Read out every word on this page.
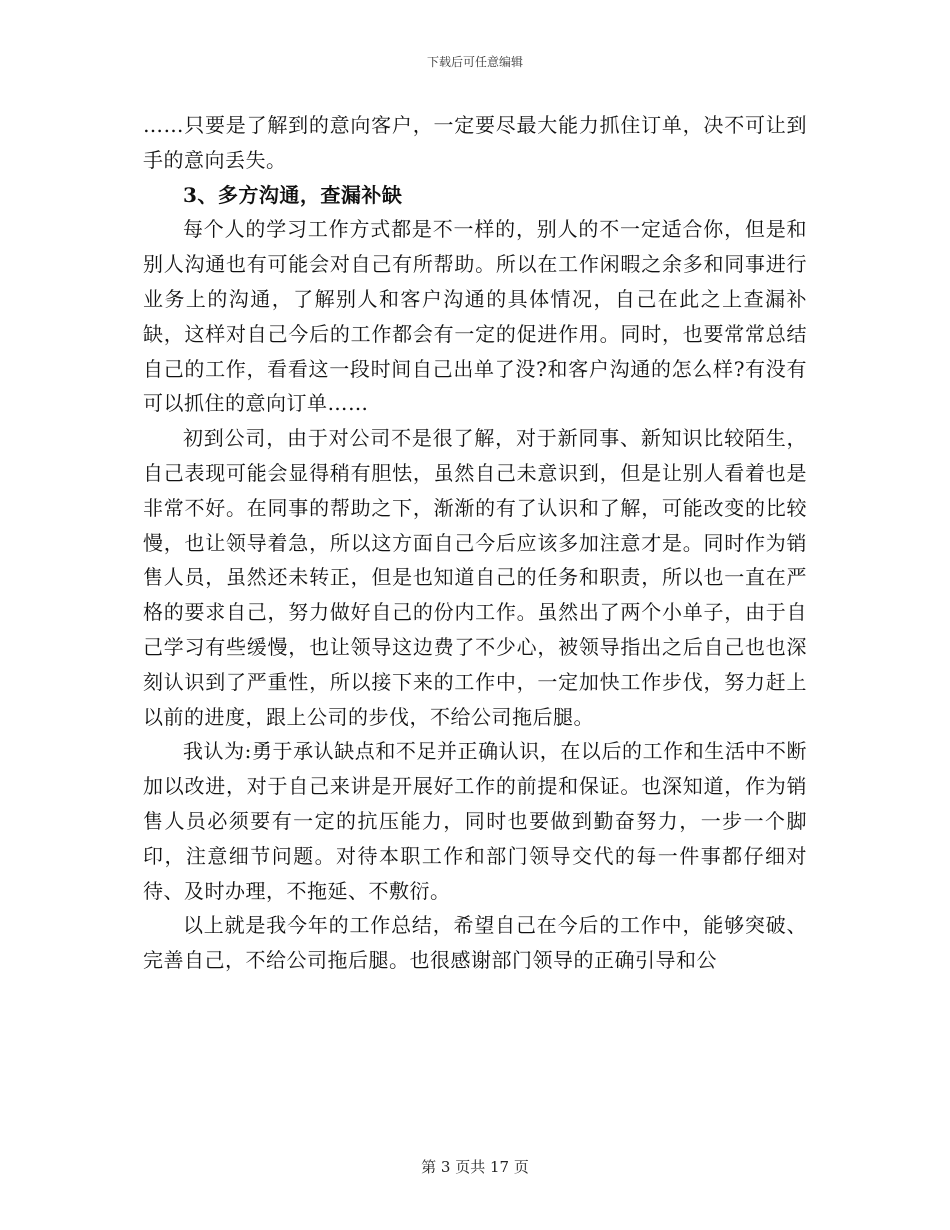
下载后可任意编辑

……只要是了解到的意向客户，一定要尽最大能力抓住订单，决不可让到手的意向丢失。

3、多方沟通，查漏补缺

每个人的学习工作方式都是不一样的，别人的不一定适合你，但是和别人沟通也有可能会对自己有所帮助。所以在工作闲暇之余多和同事进行业务上的沟通，了解别人和客户沟通的具体情况，自己在此之上查漏补缺，这样对自己今后的工作都会有一定的促进作用。同时，也要常常总结自己的工作，看看这一段时间自己出单了没?和客户沟通的怎么样?有没有可以抓住的意向订单……

初到公司，由于对公司不是很了解，对于新同事、新知识比较陌生，自己表现可能会显得稍有胆怯，虽然自己未意识到，但是让别人看着也是非常不好。在同事的帮助之下，渐渐的有了认识和了解，可能改变的比较慢，也让领导着急，所以这方面自己今后应该多加注意才是。同时作为销售人员，虽然还未转正，但是也知道自己的任务和职责，所以也一直在严格的要求自己，努力做好自己的份内工作。虽然出了两个小单子，由于自己学习有些缓慢，也让领导这边费了不少心，被领导指出之后自己也也深刻认识到了严重性，所以接下来的工作中，一定加快工作步伐，努力赶上以前的进度，跟上公司的步伐，不给公司拖后腿。

我认为:勇于承认缺点和不足并正确认识，在以后的工作和生活中不断加以改进，对于自己来讲是开展好工作的前提和保证。也深知道，作为销售人员必须要有一定的抗压能力，同时也要做到勤奋努力，一步一个脚印，注意细节问题。对待本职工作和部门领导交代的每一件事都仔细对待、及时办理，不拖延、不敷衍。

以上就是我今年的工作总结，希望自己在今后的工作中，能够突破、完善自己，不给公司拖后腿。也很感谢部门领导的正确引导和公

第 3 页共 17 页
